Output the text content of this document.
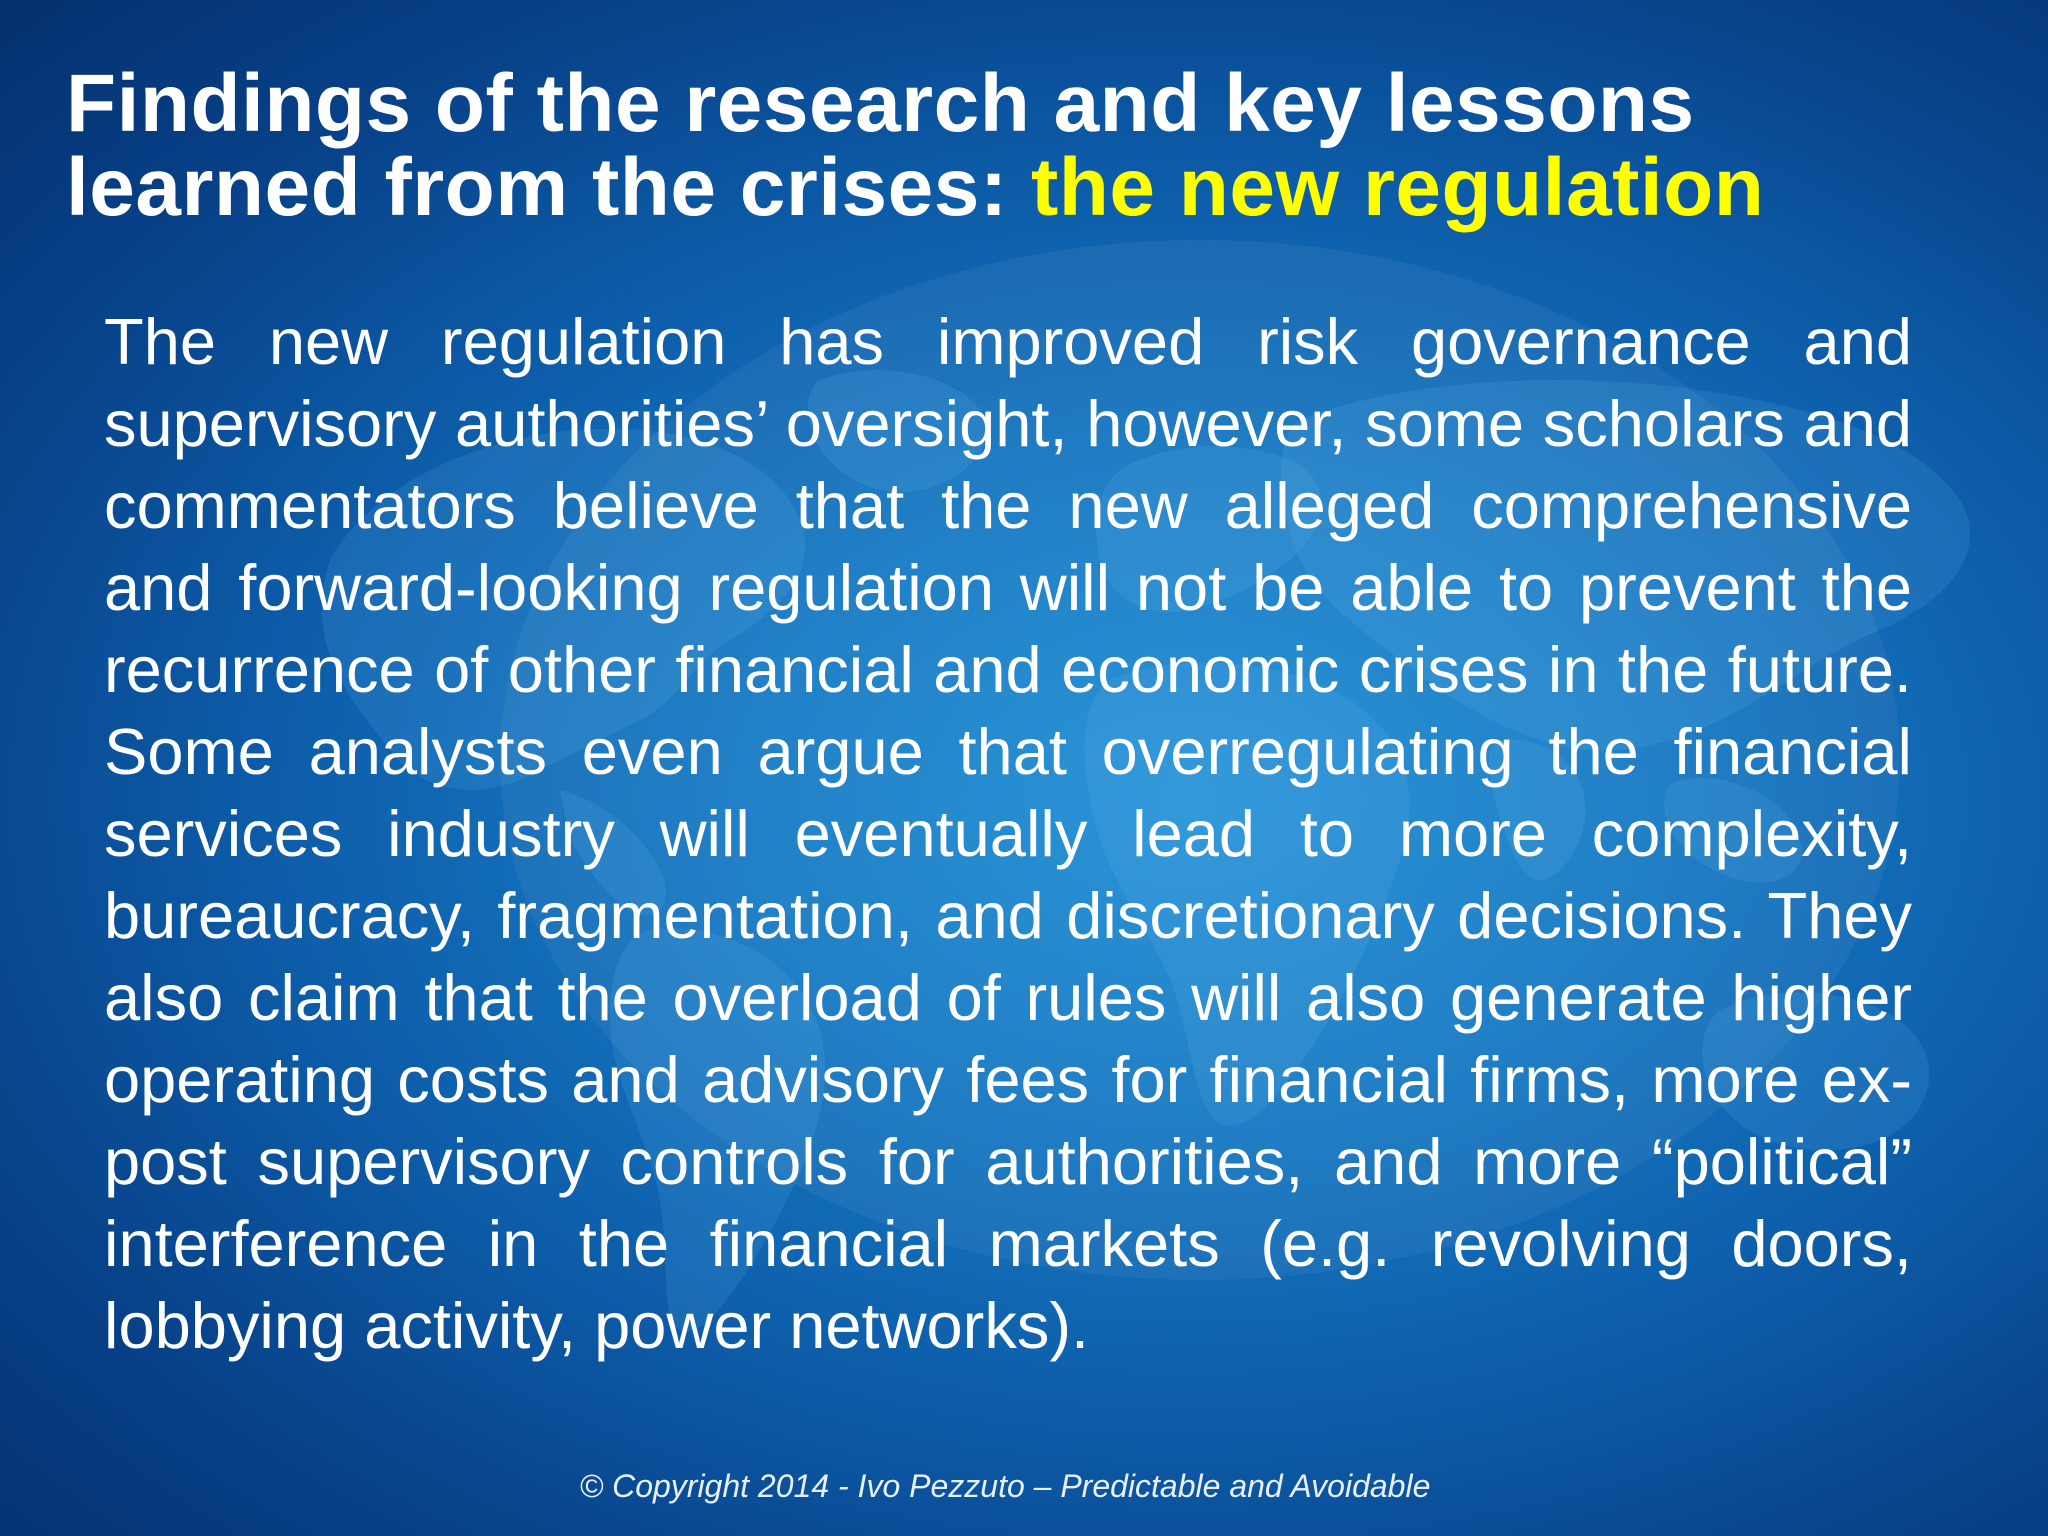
Findings of the research and key lessons
learned from the crises: the new regulation

The new regulation has improved risk governance and supervisory authorities’ oversight, however, some scholars and commentators believe that the new alleged comprehensive and forward-looking regulation will not be able to prevent the recurrence of other financial and economic crises in the future. Some analysts even argue that overregulating the financial services industry will eventually lead to more complexity, bureaucracy, fragmentation, and discretionary decisions. They also claim that the overload of rules will also generate higher operating costs and advisory fees for financial firms, more ex-post supervisory controls for authorities, and more “political” interference in the financial markets (e.g. revolving doors, lobbying activity, power networks).

© Copyright 2014 - Ivo Pezzuto – Predictable and Avoidable
